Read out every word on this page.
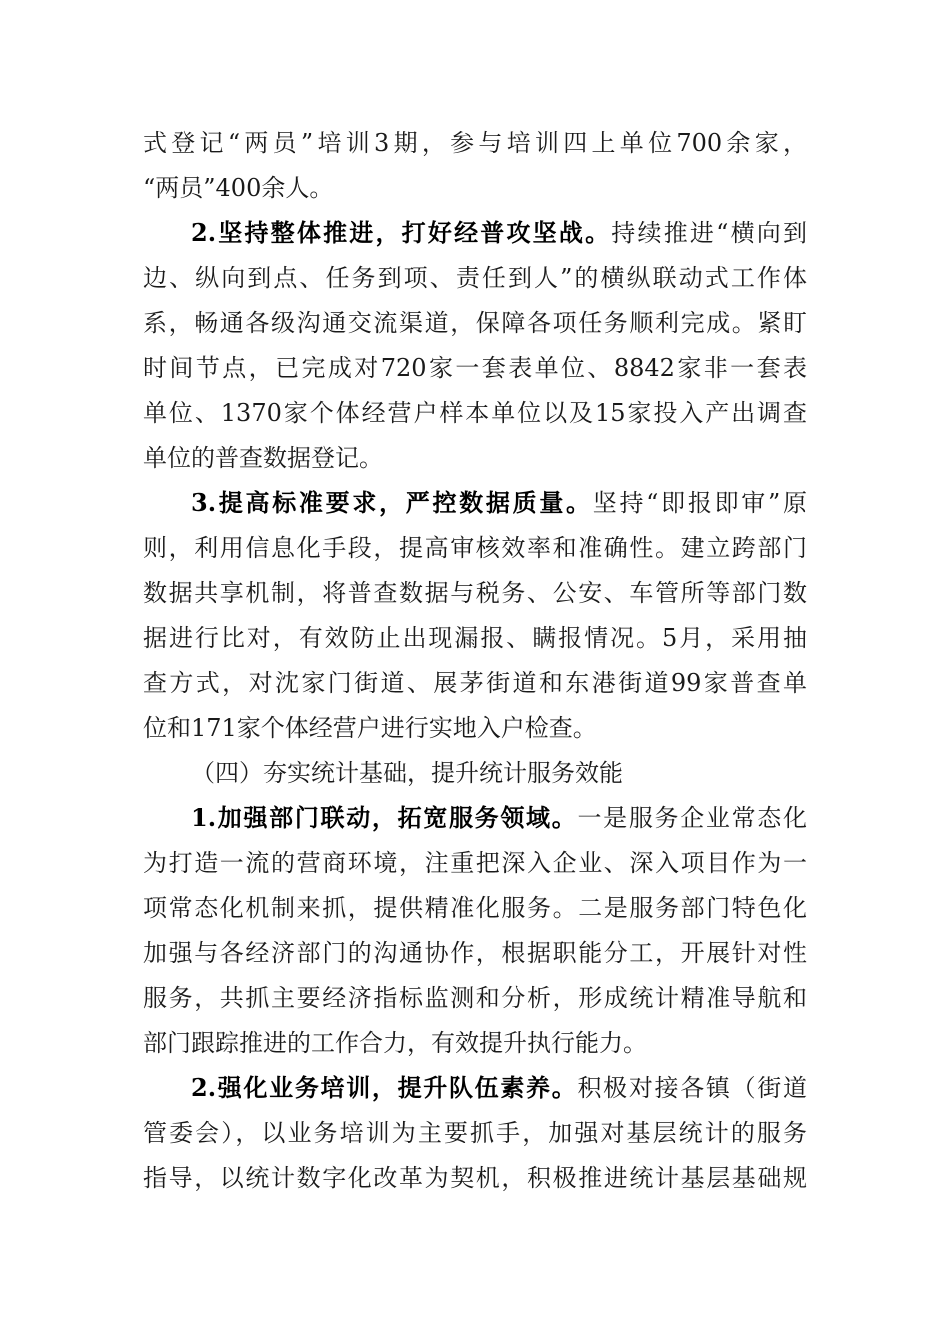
式登记“两员”培训3期，参与培训四上单位700余家，
“两员”400余人。
2.坚持整体推进，打好经普攻坚战。持续推进“横向到
边、纵向到点、任务到项、责任到人”的横纵联动式工作体
系，畅通各级沟通交流渠道，保障各项任务顺利完成。紧盯
时间节点，已完成对720家一套表单位、8842家非一套表
单位、1370家个体经营户样本单位以及15家投入产出调查
单位的普查数据登记。
3.提高标准要求，严控数据质量。坚持“即报即审”原
则，利用信息化手段，提高审核效率和准确性。建立跨部门
数据共享机制，将普查数据与税务、公安、车管所等部门数
据进行比对，有效防止出现漏报、瞒报情况。5月，采用抽
查方式，对沈家门街道、展茅街道和东港街道99家普查单
位和171家个体经营户进行实地入户检查。
（四）夯实统计基础，提升统计服务效能
1.加强部门联动，拓宽服务领域。一是服务企业常态化
为打造一流的营商环境，注重把深入企业、深入项目作为一
项常态化机制来抓，提供精准化服务。二是服务部门特色化
加强与各经济部门的沟通协作，根据职能分工，开展针对性
服务，共抓主要经济指标监测和分析，形成统计精准导航和
部门跟踪推进的工作合力，有效提升执行能力。
2.强化业务培训，提升队伍素养。积极对接各镇（街道
管委会），以业务培训为主要抓手，加强对基层统计的服务
指导，以统计数字化改革为契机，积极推进统计基层基础规
